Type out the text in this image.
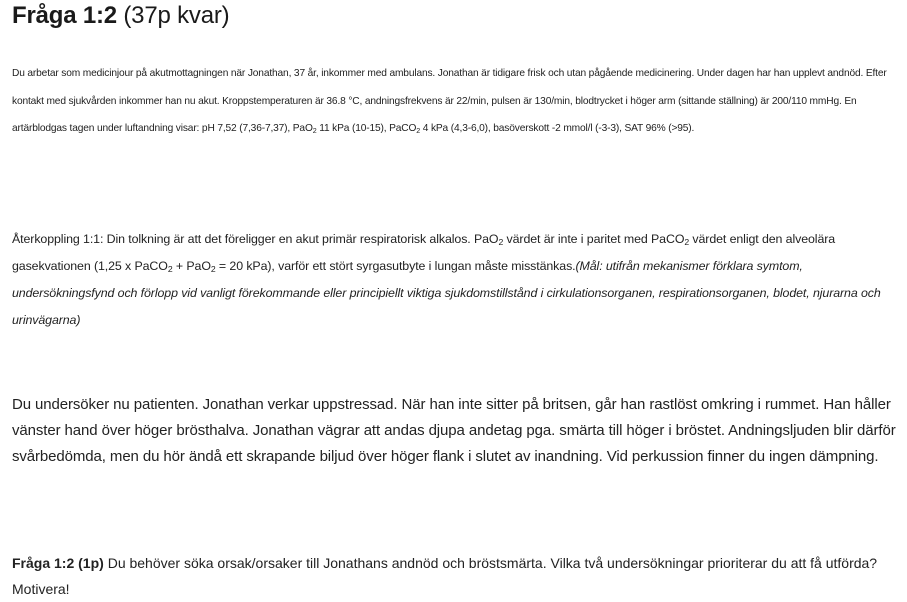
Fråga 1:2 (37p kvar)

Du arbetar som medicinjour på akutmottagningen när Jonathan, 37 år, inkommer med ambulans. Jonathan är tidigare frisk och utan pågående medicinering. Under dagen har han upplevt andnöd. Efter kontakt med sjukvården inkommer han nu akut. Kroppstemperaturen är 36.8 °C, andningsfrekvens är 22/min, pulsen är 130/min, blodtrycket i höger arm (sittande ställning) är 200/110 mmHg. En artärblodgas tagen under luftandning visar: pH 7,52 (7,36-7,37), PaO$_2$ 11 kPa (10-15), PaCO$_2$ 4 kPa (4,3-6,0), basöverskott -2 mmol/l (-3-3), SAT 96% (>95).

Återkoppling 1:1: Din tolkning är att det föreligger en akut primär respiratorisk alkalos. PaO$_2$ värdet är inte i paritet med PaCO$_2$ värdet enligt den alveolära gasekvationen (1,25 x PaCO$_2$ + PaO$_2$ = 20 kPa), varför ett stört syrgasutbyte i lungan måste misstänkas.(Mål: utifrån mekanismer förklara symtom, undersökningsfynd och förlopp vid vanligt förekommande eller principiellt viktiga sjukdomstillstånd i cirkulationsorganen, respirationsorganen, blodet, njurarna och urinvägarna)

Du undersöker nu patienten. Jonathan verkar uppstressad. När han inte sitter på britsen, går han rastlöst omkring i rummet. Han håller vänster hand över höger brösthalva. Jonathan vägrar att andas djupa andetag pga. smärta till höger i bröstet. Andningsljuden blir därför svårbedömda, men du hör ändå ett skrapande biljud över höger flank i slutet av inandning. Vid perkussion finner du ingen dämpning.

Fråga 1:2 (1p) Du behöver söka orsak/orsaker till Jonathans andnöd och bröstsmärta. Vilka två undersökningar prioriterar du att få utförda? Motivera!
